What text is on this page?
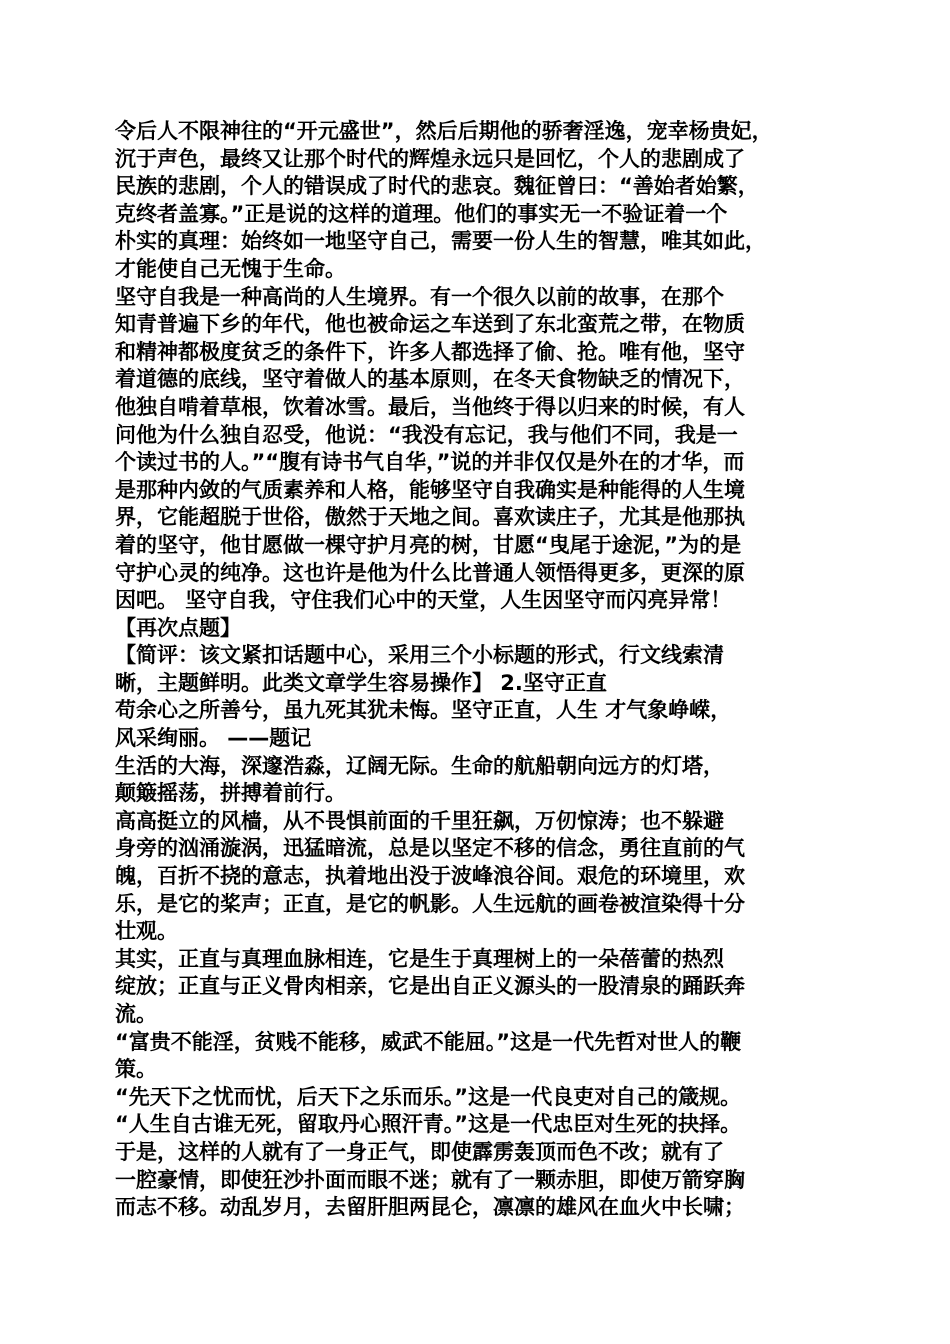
令后人不限神往的“开元盛世”，然后后期他的骄奢淫逸，宠幸杨贵妃，
沉于声色，最终又让那个时代的辉煌永远只是回忆，个人的悲剧成了
民族的悲剧，个人的错误成了时代的悲哀。魏征曾曰：“善始者始繁，
克终者盖寡。”正是说的这样的道理。他们的事实无一不验证着一个
朴实的真理：始终如一地坚守自己，需要一份人生的智慧，唯其如此，
才能使自己无愧于生命。
坚守自我是一种高尚的人生境界。有一个很久以前的故事，在那个
知青普遍下乡的年代，他也被命运之车送到了东北蛮荒之带，在物质
和精神都极度贫乏的条件下，许多人都选择了偷、抢。唯有他，坚守
着道德的底线，坚守着做人的基本原则，在冬天食物缺乏的情况下，
他独自啃着草根，饮着冰雪。最后，当他终于得以归来的时候，有人
问他为什么独自忍受，他说：“我没有忘记，我与他们不同，我是一
个读过书的人。”“腹有诗书气自华，”说的并非仅仅是外在的才华，而
是那种内敛的气质素养和人格，能够坚守自我确实是种能得的人生境
界，它能超脱于世俗，傲然于天地之间。喜欢读庄子，尤其是他那执
着的坚守，他甘愿做一棵守护月亮的树，甘愿“曳尾于途泥，”为的是
守护心灵的纯净。这也许是他为什么比普通人领悟得更多，更深的原
因吧。 坚守自我，守住我们心中的天堂，人生因坚守而闪亮异常！
【再次点题】
【简评：该文紧扣话题中心，采用三个小标题的形式，行文线索清
晰，主题鲜明。此类文章学生容易操作】 2.坚守正直
苟余心之所善兮，虽九死其犹未悔。坚守正直，人生 才气象峥嵘，
风采绚丽。 ——题记
生活的大海，深邃浩淼，辽阔无际。生命的航船朝向远方的灯塔，
颠簸摇荡，拼搏着前行。
高高挺立的风樯，从不畏惧前面的千里狂飙，万仞惊涛；也不躲避
身旁的汹涌漩涡，迅猛暗流，总是以坚定不移的信念，勇往直前的气
魄，百折不挠的意志，执着地出没于波峰浪谷间。艰危的环境里，欢
乐，是它的桨声；正直，是它的帆影。人生远航的画卷被渲染得十分
壮观。
其实，正直与真理血脉相连，它是生于真理树上的一朵蓓蕾的热烈
绽放；正直与正义骨肉相亲，它是出自正义源头的一股清泉的踊跃奔
流。
“富贵不能淫，贫贱不能移，威武不能屈。”这是一代先哲对世人的鞭
策。
“先天下之忧而忧，后天下之乐而乐。”这是一代良吏对自己的箴规。
“人生自古谁无死，留取丹心照汗青。”这是一代忠臣对生死的抉择。
于是，这样的人就有了一身正气，即使霹雳轰顶而色不改；就有了
一腔豪情，即使狂沙扑面而眼不迷；就有了一颗赤胆，即使万箭穿胸
而志不移。动乱岁月，去留肝胆两昆仑，凛凛的雄风在血火中长啸；
